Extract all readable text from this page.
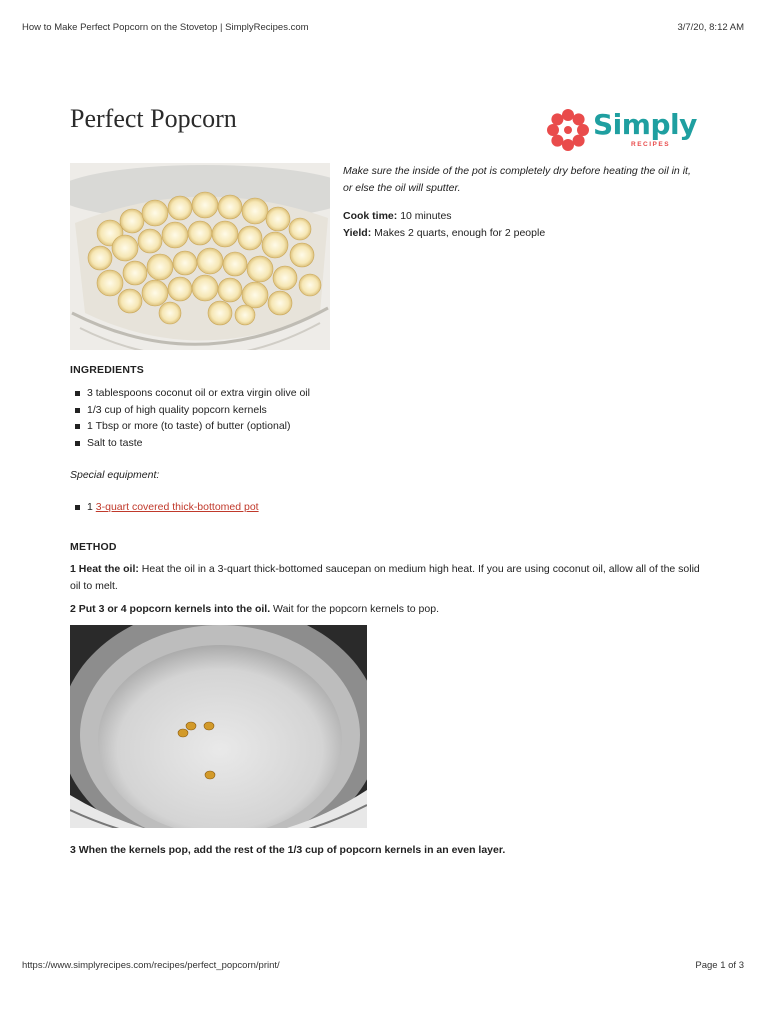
How to Make Perfect Popcorn on the Stovetop | SimplyRecipes.com	3/7/20, 8:12 AM
https://www.simplyrecipes.com/recipes/perfect_popcorn/print/	Page 1 of 3
Perfect Popcorn	Simply
RECIPES
Make sure the inside of the pot is completely dry before heating the oil in it, or else the oil will sputter.
Cook time: 10 minutes
Yield: Makes 2 quarts, enough for 2 people
INGREDIENTS
3 tablespoons coconut oil or extra virgin olive oil
1/3 cup of high quality popcorn kernels
1 Tbsp or more (to taste) of butter (optional)
Salt to taste
Special equipment:
1 3-quart covered thick-bottomed pot
METHOD
1 Heat the oil: Heat the oil in a 3-quart thick-bottomed saucepan on medium high heat. If you are using coconut oil, allow all of the solid oil to melt.
2 Put 3 or 4 popcorn kernels into the oil. Wait for the popcorn kernels to pop.
3 When the kernels pop, add the rest of the 1/3 cup of popcorn kernels in an even layer.
